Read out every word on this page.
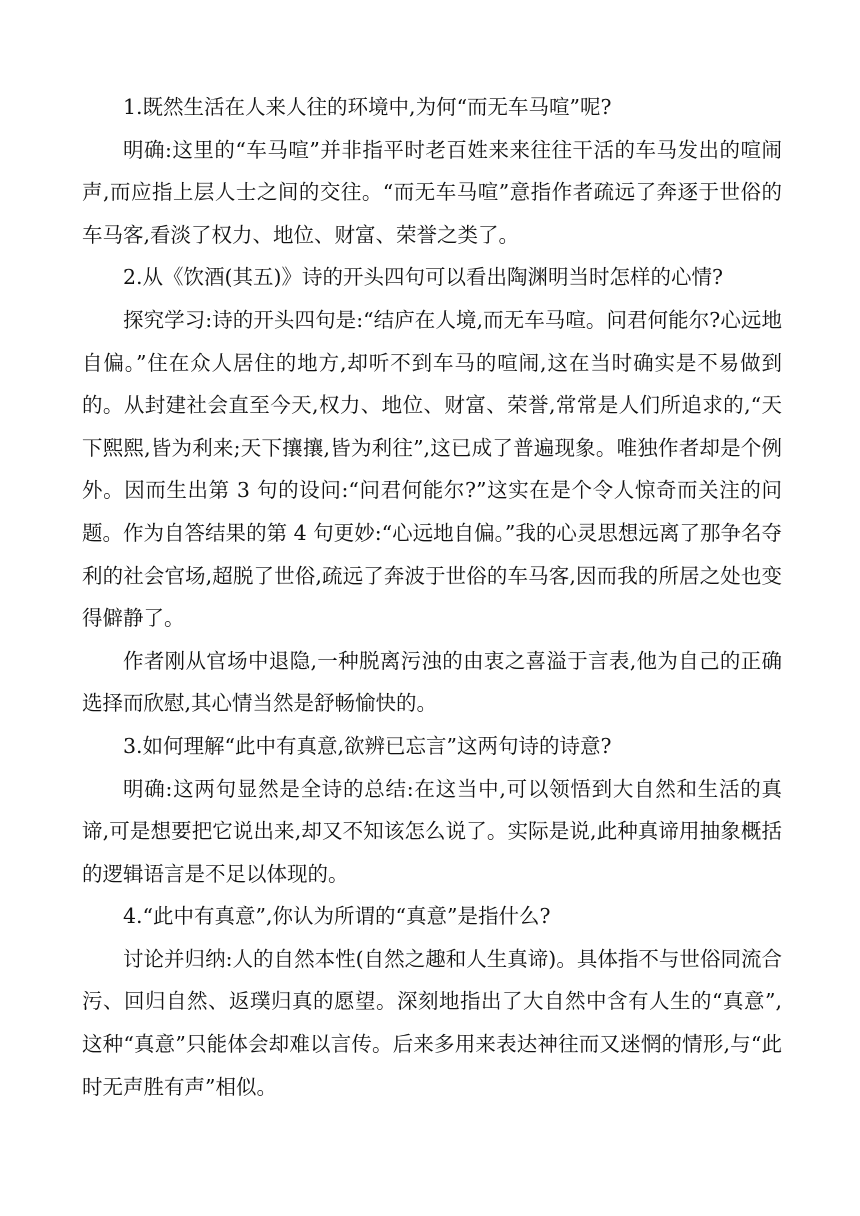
1.既然生活在人来人往的环境中,为何“而无车马喧”呢?

明确:这里的“车马喧”并非指平时老百姓来来往往干活的车马发出的喧闹声,而应指上层人士之间的交往。“而无车马喧”意指作者疏远了奔逐于世俗的车马客,看淡了权力、地位、财富、荣誉之类了。

2.从《饮酒(其五)》诗的开头四句可以看出陶渊明当时怎样的心情?

探究学习:诗的开头四句是:“结庐在人境,而无车马喧。问君何能尔?心远地自偏。”住在众人居住的地方,却听不到车马的喧闹,这在当时确实是不易做到的。从封建社会直至今天,权力、地位、财富、荣誉,常常是人们所追求的,“天下熙熙,皆为利来;天下攘攘,皆为利往”,这已成了普遍现象。唯独作者却是个例外。因而生出第 3 句的设问:“问君何能尔?”这实在是个令人惊奇而关注的问题。作为自答结果的第 4 句更妙:“心远地自偏。”我的心灵思想远离了那争名夺利的社会官场,超脱了世俗,疏远了奔波于世俗的车马客,因而我的所居之处也变得僻静了。

作者刚从官场中退隐,一种脱离污浊的由衷之喜溢于言表,他为自己的正确选择而欣慰,其心情当然是舒畅愉快的。

3.如何理解“此中有真意,欲辨已忘言”这两句诗的诗意?

明确:这两句显然是全诗的总结:在这当中,可以领悟到大自然和生活的真谛,可是想要把它说出来,却又不知该怎么说了。实际是说,此种真谛用抽象概括的逻辑语言是不足以体现的。

4.“此中有真意”,你认为所谓的“真意”是指什么?

讨论并归纳:人的自然本性(自然之趣和人生真谛)。具体指不与世俗同流合污、回归自然、返璞归真的愿望。深刻地指出了大自然中含有人生的“真意”,这种“真意”只能体会却难以言传。后来多用来表达神往而又迷惘的情形,与“此时无声胜有声”相似。
